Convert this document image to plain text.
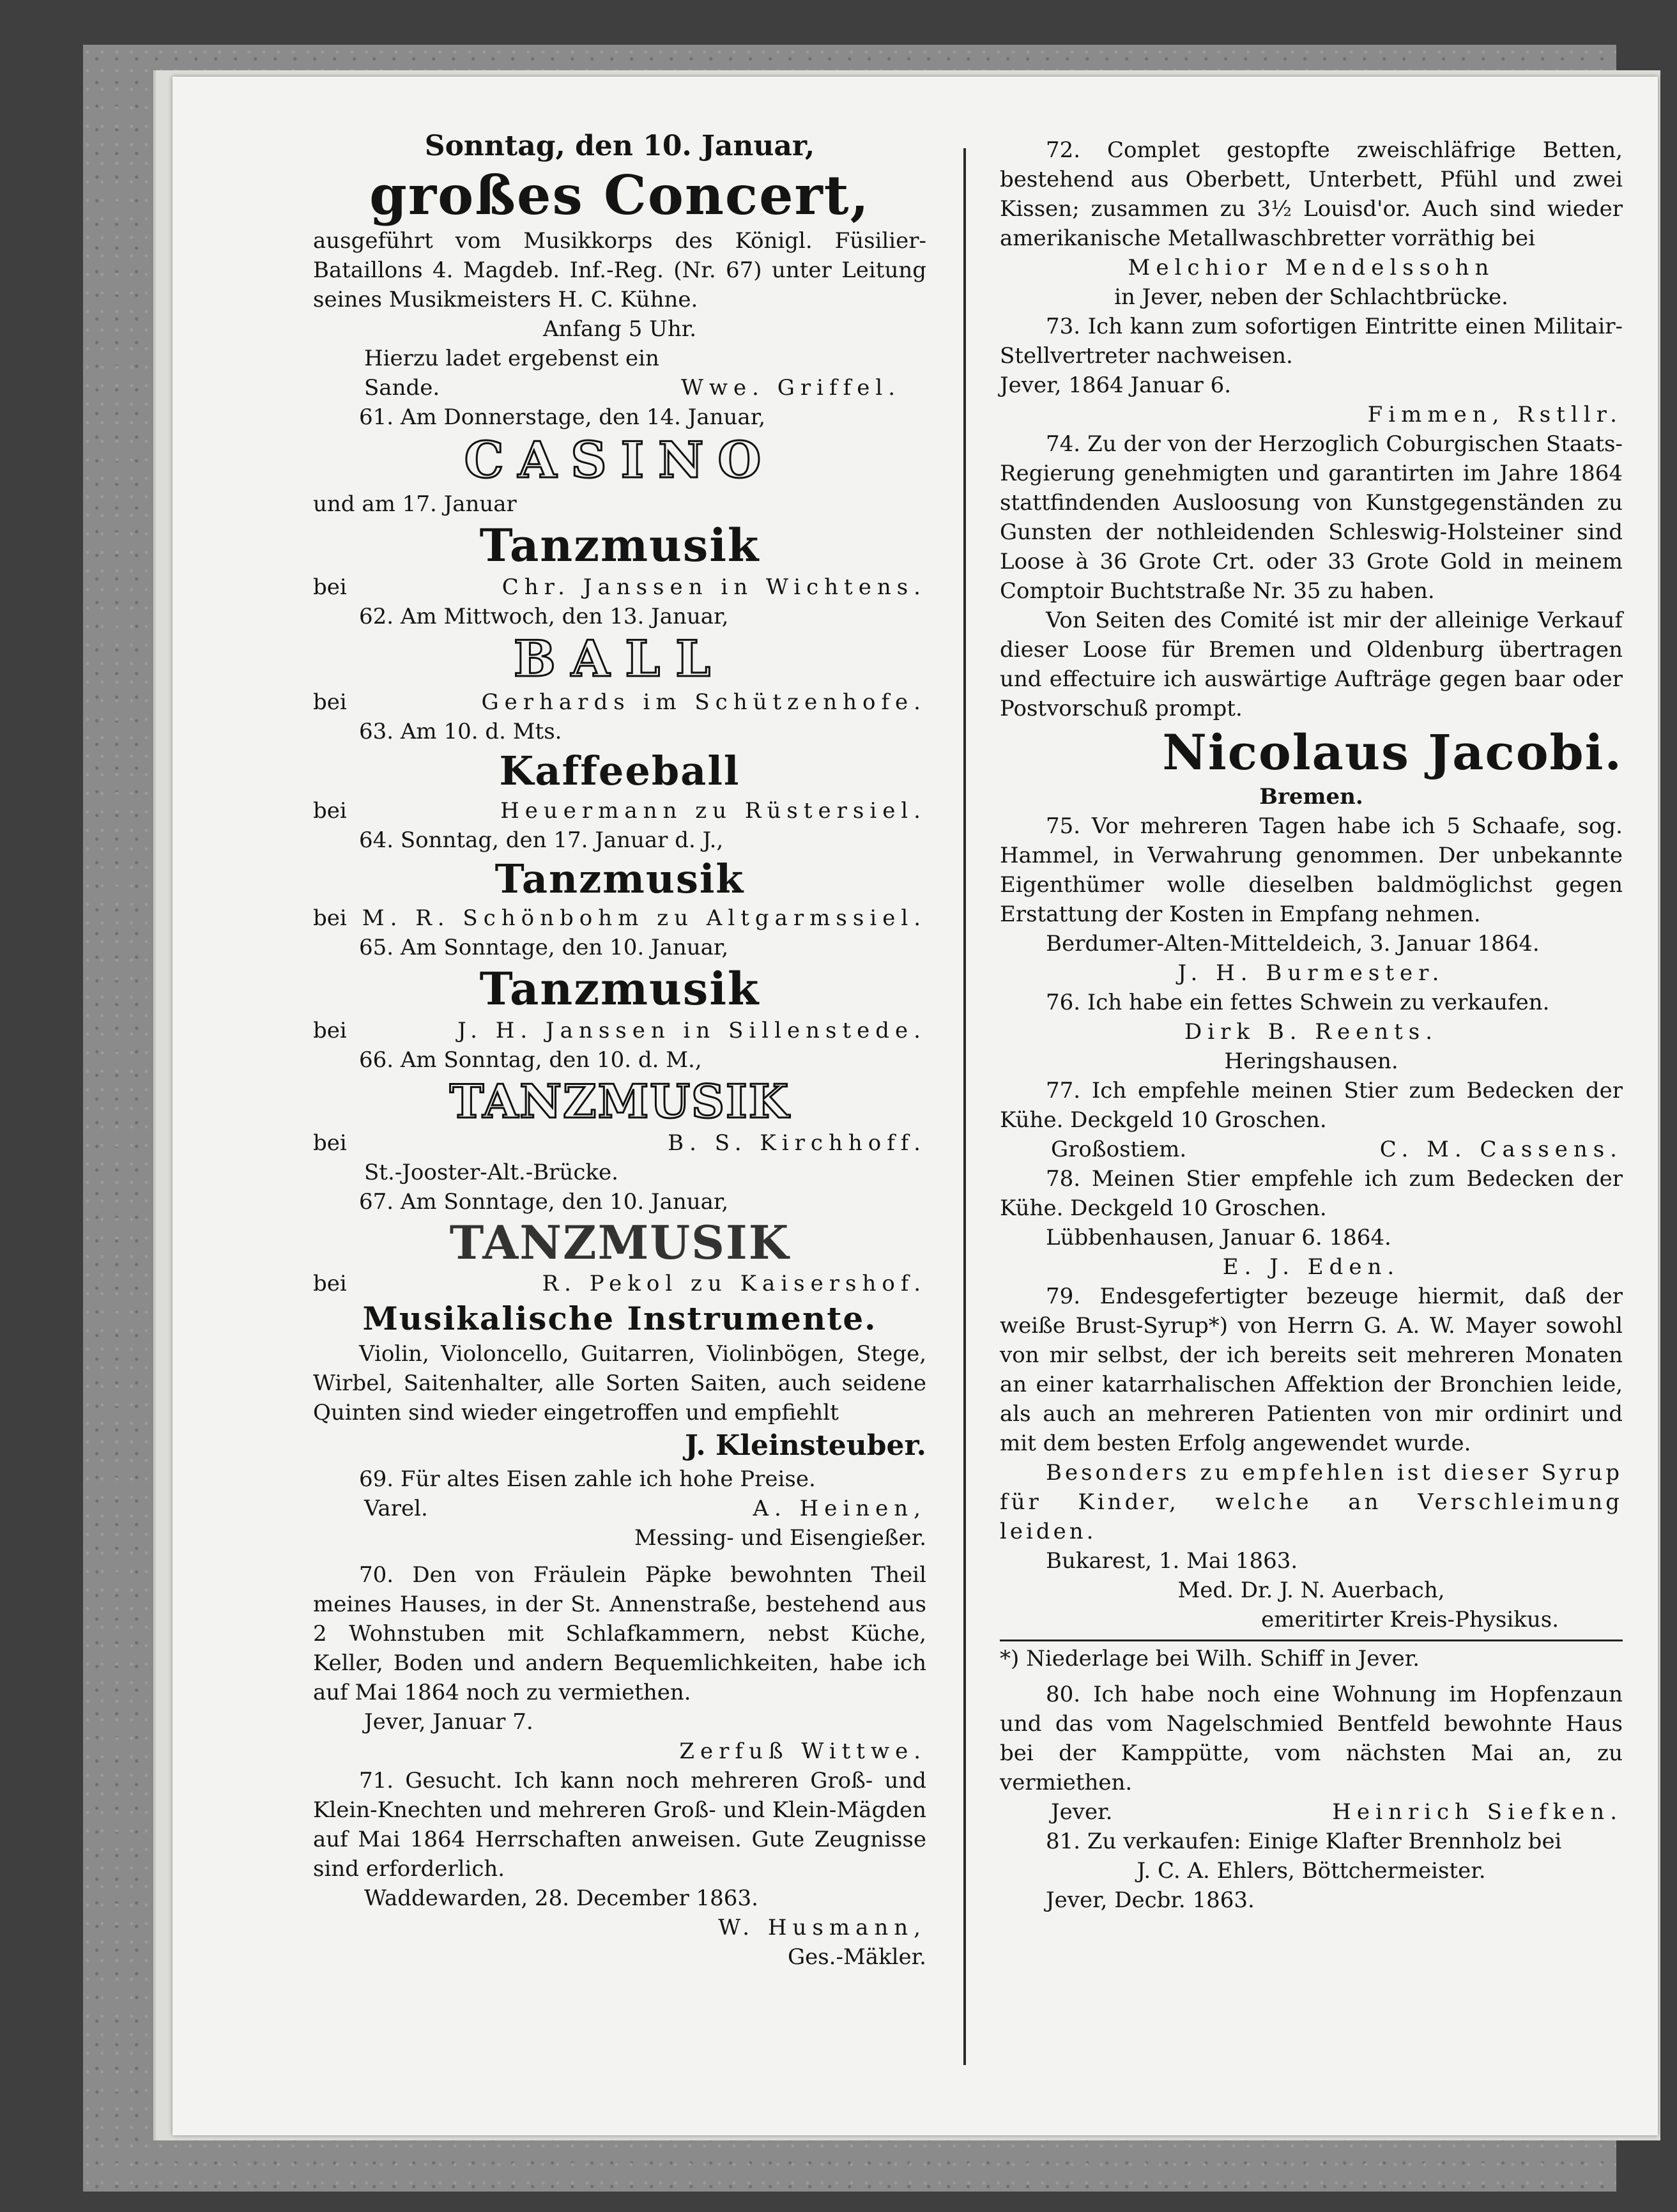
Sonntag, den 10. Januar,

großes Concert,

ausgeführt vom Musikkorps des Königl. Füsilier-Bataillons 4. Magdeb. Inf.-Reg. (Nr. 67) unter Leitung seines Musikmeisters H. C. Kühne.

Anfang 5 Uhr.

Hierzu ladet ergebenst ein

Sande.	Wwe. Griffel.

61. Am Donnerstage, den 14. Januar,

CASINO

und am 17. Januar

Tanzmusik

bei	Chr. Janssen in Wichtens.

62. Am Mittwoch, den 13. Januar,

BALL

bei	Gerhards im Schützenhofe.

63. Am 10. d. Mts.

Kaffeeball

bei	Heuermann zu Rüstersiel.

64. Sonntag, den 17. Januar d. J.,

Tanzmusik

bei M. R. Schönbohm zu Altgarmssiel.

65. Am Sonntage, den 10. Januar,

Tanzmusik

bei	J. H. Janssen in Sillenstede.

66. Am Sonntag, den 10. d. M.,

TANZMUSIK

bei	B. S. Kirchhoff.

St.-Jooster-Alt.-Brücke.

67. Am Sonntage, den 10. Januar,

TANZMUSIK

bei	R. Pekol zu Kaisershof.

Musikalische Instrumente.

Violin, Violoncello, Guitarren, Violinbögen, Stege, Wirbel, Saitenhalter, alle Sorten Saiten, auch seidene Quinten sind wieder eingetroffen und empfiehlt

J. Kleinsteuber.

69. Für altes Eisen zahle ich hohe Preise.

Varel.	A. Heinen,

Messing- und Eisengießer.

70. Den von Fräulein Päpke bewohnten Theil meines Hauses, in der St. Annenstraße, bestehend aus 2 Wohnstuben mit Schlafkammern, nebst Küche, Keller, Boden und andern Bequemlichkeiten, habe ich auf Mai 1864 noch zu vermiethen.

Jever, Januar 7.

Zerfuß Wittwe.

71. Gesucht. Ich kann noch mehreren Groß- und Klein-Knechten und mehreren Groß- und Klein-Mägden auf Mai 1864 Herrschaften anweisen. Gute Zeugnisse sind erforderlich.

Waddewarden, 28. December 1863.

W. Husmann,

Ges.-Mäkler.

72. Complet gestopfte zweischläfrige Betten, bestehend aus Oberbett, Unterbett, Pfühl und zwei Kissen; zusammen zu 3½ Louisd'or. Auch sind wieder amerikanische Metallwaschbretter vorräthig bei

Melchior Mendelssohn

in Jever, neben der Schlachtbrücke.

73. Ich kann zum sofortigen Eintritte einen Militair-Stellvertreter nachweisen.

Jever, 1864 Januar 6.

Fimmen, Rstllr.

74. Zu der von der Herzoglich Coburgischen Staats-Regierung genehmigten und garantirten im Jahre 1864 stattfindenden Ausloosung von Kunstgegenständen zu Gunsten der nothleidenden Schleswig-Holsteiner sind Loose à 36 Grote Crt. oder 33 Grote Gold in meinem Comptoir Buchtstraße Nr. 35 zu haben.

Von Seiten des Comité ist mir der alleinige Verkauf dieser Loose für Bremen und Oldenburg übertragen und effectuire ich auswärtige Aufträge gegen baar oder Postvorschuß prompt.

Nicolaus Jacobi.

Bremen.

75. Vor mehreren Tagen habe ich 5 Schaafe, sog. Hammel, in Verwahrung genommen. Der unbekannte Eigenthümer wolle dieselben baldmöglichst gegen Erstattung der Kosten in Empfang nehmen.

Berdumer-Alten-Mitteldeich, 3. Januar 1864.

J. H. Burmester.

76. Ich habe ein fettes Schwein zu verkaufen.

Dirk B. Reents.

Heringshausen.

77. Ich empfehle meinen Stier zum Bedecken der Kühe. Deckgeld 10 Groschen.

Großostiem.	C. M. Cassens.

78. Meinen Stier empfehle ich zum Bedecken der Kühe. Deckgeld 10 Groschen.

Lübbenhausen, Januar 6. 1864.

E. J. Eden.

79. Endesgefertigter bezeuge hiermit, daß der weiße Brust-Syrup*) von Herrn G. A. W. Mayer sowohl von mir selbst, der ich bereits seit mehreren Monaten an einer katarrhalischen Affektion der Bronchien leide, als auch an mehreren Patienten von mir ordinirt und mit dem besten Erfolg angewendet wurde.

Besonders zu empfehlen ist dieser Syrup für Kinder, welche an Verschleimung leiden.

Bukarest, 1. Mai 1863.

Med. Dr. J. N. Auerbach,

emeritirter Kreis-Physikus.

*) Niederlage bei Wilh. Schiff in Jever.

80. Ich habe noch eine Wohnung im Hopfenzaun und das vom Nagelschmied Bentfeld bewohnte Haus bei der Kamppütte, vom nächsten Mai an, zu vermiethen.

Jever.	Heinrich Siefken.

81. Zu verkaufen: Einige Klafter Brennholz bei

J. C. A. Ehlers, Böttchermeister.

Jever, Decbr. 1863.
